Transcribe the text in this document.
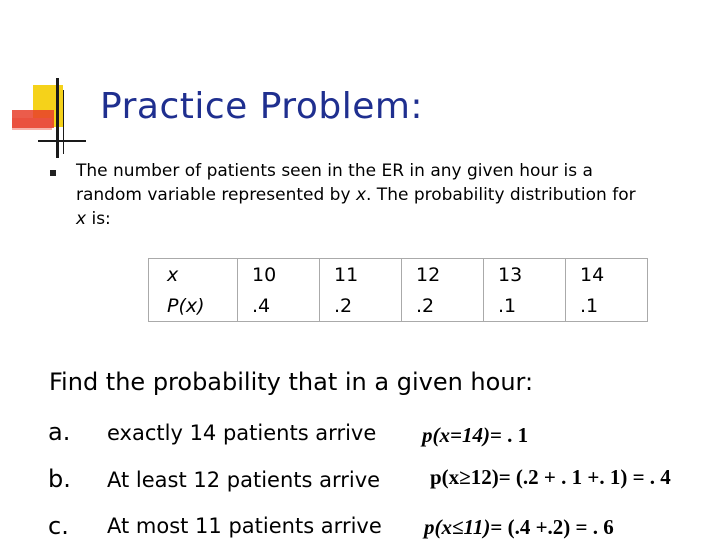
Practice Problem:
The number of patients seen in the ER in any given hour is a random variable represented by x. The probability distribution for x is:
x	10	11	12	13	14
P(x)	.4	.2	.2	.1	.1
Find the probability that in a given hour:
a. exactly 14 patients arrive p(x=14)= . 1
b. At least 12 patients arrive p(x≥12)= (.2 + . 1 +. 1) = . 4
c. At most 11 patients arrive p(x≤11)= (.4 +.2) = . 6
